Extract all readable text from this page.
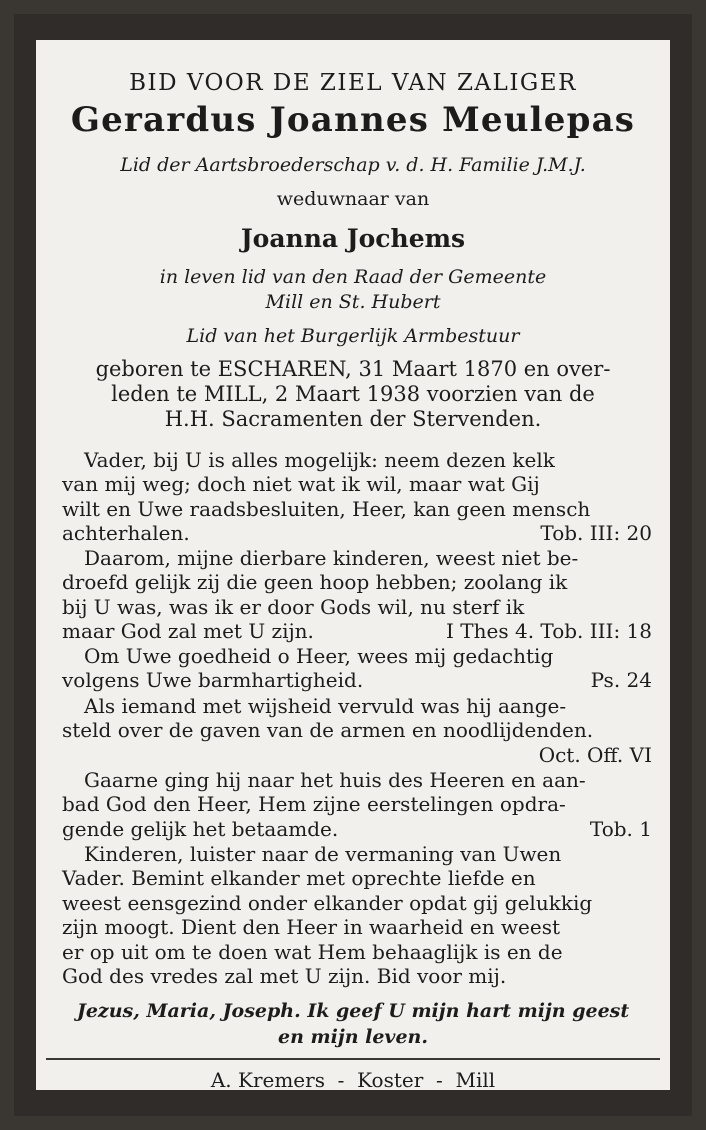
BID VOOR DE ZIEL VAN ZALIGER
Gerardus Joannes Meulepas
Lid der Aartsbroederschap v. d. H. Familie J.M.J.
weduwnaar van
Joanna Jochems
in leven lid van den Raad der Gemeente
Mill en St. Hubert
Lid van het Burgerlijk Armbestuur
geboren te ESCHAREN, 31 Maart 1870 en over-
leden te MILL, 2 Maart 1938 voorzien van de
H.H. Sacramenten der Stervenden.
Vader, bij U is alles mogelijk: neem dezen kelk
van mij weg; doch niet wat ik wil, maar wat Gij
wilt en Uwe raadsbesluiten, Heer, kan geen mensch
achterhalen.	Tob. III: 20
Daarom, mijne dierbare kinderen, weest niet be-
droefd gelijk zij die geen hoop hebben; zoolang ik
bij U was, was ik er door Gods wil, nu sterf ik
maar God zal met U zijn.	I Thes 4. Tob. III: 18
Om Uwe goedheid o Heer, wees mij gedachtig
volgens Uwe barmhartigheid.	Ps. 24
Als iemand met wijsheid vervuld was hij aange-
steld over de gaven van de armen en noodlijdenden.
Oct. Off. VI
Gaarne ging hij naar het huis des Heeren en aan-
bad God den Heer, Hem zijne eerstelingen opdra-
gende gelijk het betaamde.	Tob. 1
Kinderen, luister naar de vermaning van Uwen
Vader. Bemint elkander met oprechte liefde en
weest eensgezind onder elkander opdat gij gelukkig
zijn moogt. Dient den Heer in waarheid en weest
er op uit om te doen wat Hem behaaglijk is en de
God des vredes zal met U zijn. Bid voor mij.
Jezus, Maria, Joseph. Ik geef U mijn hart mijn geest
en mijn leven.
A. Kremers  -  Koster  -  Mill
